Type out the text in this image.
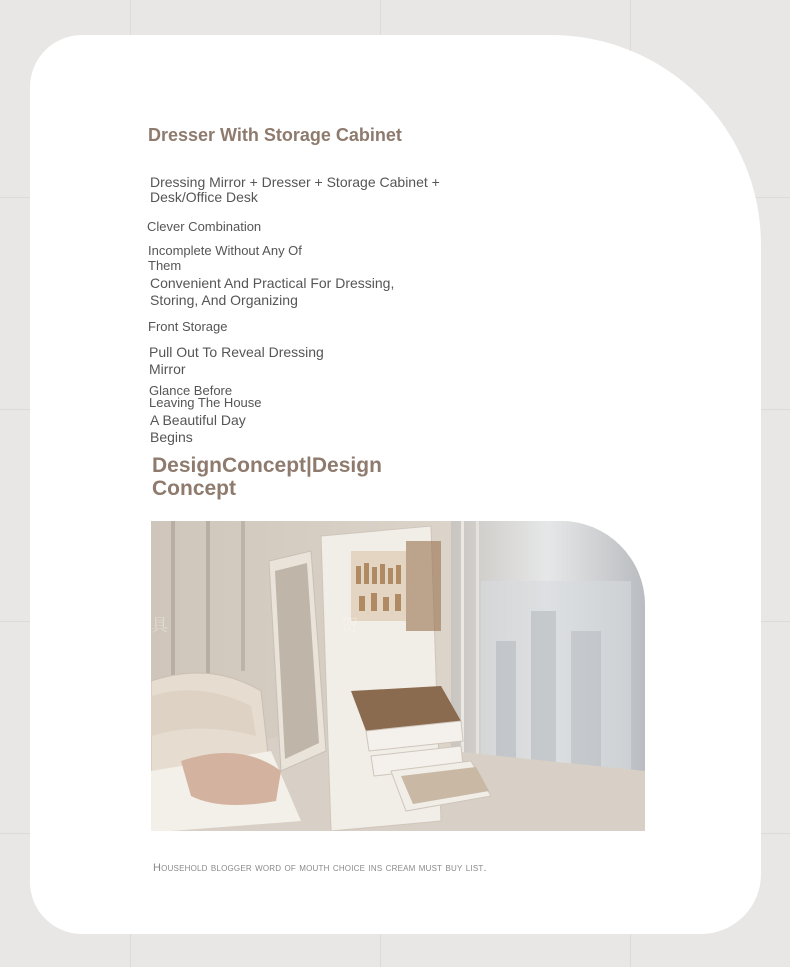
Dresser With Storage Cabinet

Dressing Mirror + Dresser + Storage Cabinet + Desk/Office Desk

Clever Combination

Incomplete Without Any Of Them

Convenient And Practical For Dressing, Storing, And Organizing

Front Storage

Pull Out To Reveal Dressing Mirror

Glance Before

Leaving The House

A Beautiful Day Begins

DesignConcept|Design Concept
具	贺

Household blogger word of mouth choice ins cream must buy list.
